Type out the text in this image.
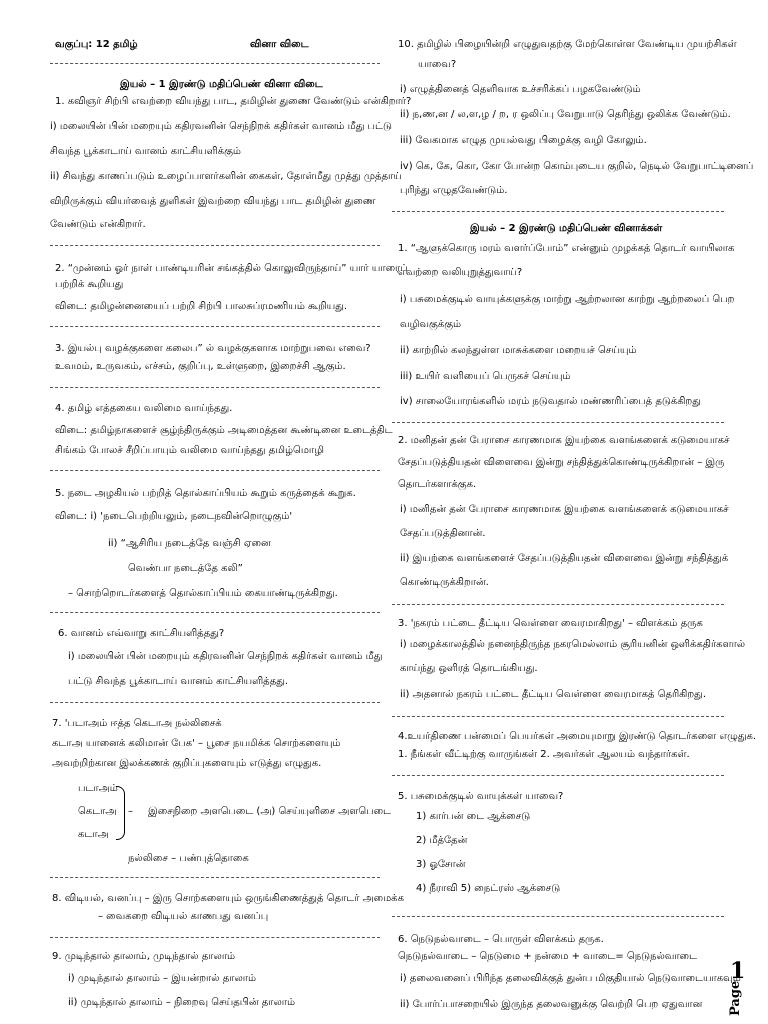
வகுப்பு: 12 தமிழ்	வினா விடை
இயல் – 1 இரண்டு மதிப்பெண் வினா விடை
1. கவிஞர் சிற்பி எவற்றை வியந்து பாட, தமிழின் துணை வேண்டும் என்கிறார்?
i) மலையின் பின் மறையும் கதிரவனின் செந்நிறக் கதிர்கள் வானம் மீது பட்டு
சிவந்த பூக்காடாய் வானம் காட்சியளிக்கும்
ii) சிவந்து காணப்படும் உழைப்பாளர்களின் கைகள், தோள்மீது முத்து முத்தாய்
விறிருக்கும் வியர்வைத் துளிகள் இவற்றை வியந்து பாட தமிழின் துணை
வேண்டும் என்கிறார்.
2. “முன்னம் ஓர் நாள் பாண்டியரின் சங்கத்தில் கொலுவிருந்தாய்” யார் யாரைப்
பற்றிக் கூறியது
விடை: தமிழன்னையைப் பற்றி சிற்பி பாலசுப்ரமணியம் கூறியது.
3. இயல்பு வழக்குகளை கலைப” ல் வழக்குகளாக மாற்றுபவை எவை?
உவமம், உருவகம், எச்சம், குறிப்பு, உள்ளுறை, இறைச்சி ஆகும்.
4. தமிழ் எத்தகைய வலிமை வாய்ந்தது.
விடை: தமிழ்நாகளைச் சூழ்ந்திருக்கும் அடிமைத்தன கூண்டினை உடைத்திட
சிங்கம் போலச் சீறிப்பாயும் வலிமை வாய்ந்தது தமிழ்மொழி
5. நடை அழகியல் பற்றித் தொல்காப்பியம் கூறும் கருத்தைக் கூறுக.
விடை: i) 'நடைபெற்றியலும், நடைநவின்றொழுகும்'
ii) “ஆசிரிய நடைத்தே வஞ்சி ஏனை
வெண்பா நடைத்தே கலி”
– சொற்றொடர்களைத் தொல்காப்பியம் கையாண்டிருக்கிறது.
6. வானம் எவ்வாறு காட்சியளித்தது?
i) மலையின் பின் மறையும் கதிரவனின் செந்நிறக் கதிர்கள் வானம் மீது
பட்டு சிவந்த பூக்காடாய் வானம் காட்சியளித்தது.
7. 'படாஅம் ஈத்த கெடாஅ நல்லிசைக்
கடாஅ யானைக் கலிமான் பேக' – பூசை நயமிக்க சொற்களையும்
அவற்றிற்கான இலக்கணக் குறிப்புகளையும் எடுத்து எழுதுக.
படாஅம்
கெடாஅ
கடாஅ
– இசைநிறை அளபெடை (அ) செய்யுளிசை அளபெடை
நல்லிசை – பண்புத்தொகை
8. விடியல், வனப்பு – இரு சொற்களையும் ஒருங்கிணைத்துத் தொடர் அமைக்க
– வைகறை விடியல் காணபது வனப்பு
9. முடிந்தால் தாலாம், முடிந்தால் தாலாம்
i) முடிந்தால் தாலாம் – இயன்றால் தாலாம்
ii) முடிந்தால் தாலாம் – நிறைவு செய்தபின் தாலாம்
10. தமிழில் பிழையின்றி எழுதுவதற்கு மேற்கொள்ள வேண்டிய முயற்சிகள்
யாவை?
i) எழுத்தினைத் தெளிவாக உச்சரிக்கப் பழகவேண்டும்
ii) ந,ண,ன / ல,ள,ழ / ற, ர ஒலிப்பு வேறுபாடு தெரிந்து ஒலிக்க வேண்டும்.
iii) வேகமாக எழுத முயல்வது பிழைக்கு வழி கோலும்.
iv) கெ, கே, கொ, கோ போன்ற கொம்புடைய குறில், நெடில் வேறுபாட்டினைப்
புரிந்து எழுதவேண்டும்.
இயல் – 2 இரண்டு மதிப்பெண் வினாக்கள்
1. “ஆளுக்கொரு மரம் வளர்ப்போம்” என்னும் முழக்கத் தொடர் வாயிலாக
எவற்றை வலியுறுத்துவாய்?
i) பசுமைக்குடில் வாயுக்களுக்கு மாற்று ஆற்றலான காற்று ஆற்றலைப் பெற
வழிவகுக்கும்
ii) காற்றில் கலந்துள்ள மாசுக்களை மறையச் செய்யும்
iii) உயிர் வளியைப் பெருகச் செய்யும்
iv) சாலையோரங்களில் மரம் நடுவதால் மண்ணரிப்பைத் தடுக்கிறது
2. மனிதன் தன் பேராசை காரணமாக இயற்கை வளங்களைக் கடுமையாகச்
சேதப்படுத்தியதன் விளைவை இன்று சந்தித்துக்கொண்டிருக்கிறான் – இரு
தொடர்களாக்குக.
i) மனிதன் தன் பேராசை காரணமாக இயற்கை வளங்களைக் கடுமையாகச்
சேதப்படுத்தினான்.
ii) இயற்கை வளங்களைச் சேதப்படுத்தியதன் விளைவை இன்று சந்தித்துக்
கொண்டிருக்கிறான்.
3. 'நகரம் பட்டை தீட்டிய வெள்ளை வைரமாகிறது' – விளக்கம் தருக
i) மழைக்காலத்தில் நனைந்திருந்த நகரமெல்லாம் சூரியனின் ஒளிக்கதிர்களால்
காய்ந்து ஒளிரத் தொடங்கியது.
ii) அதனால் நகரம் பட்டை தீட்டிய வெள்ளை வைரமாகத் தெரிகிறது.
4.உயர்திணை பன்மைப் பெயர்கள் அமையுமாறு இரண்டு தொடர்களை எழுதுக.
1. நீங்கள் வீட்டிற்கு வாருங்கள் 2. அவர்கள் ஆலயம் வந்தார்கள்.
5. பசுமைக்குடில் வாயுக்கள் யாவை?
1) கார்பன் டை ஆக்சைடு
2) மீத்தேன்
3) ஓசோன்
4) நீராவி 5) நைட்ரஸ் ஆக்சைடு
6. நெடுநல்வாடை – பொருள் விளக்கம் தருக.
நெடுநல்வாடை – நெடுமை + நன்மை + வாடை= நெடுநல்வாடை
i) தலைவனைப் பிரிந்த தலைவிக்குத் துன்ப மிகுதியால் நெடுவாடையாகவும்
ii) போர்ப்பாசறையில் இருந்த தலைவனுக்கு வெற்றி பெற ஏதுவான Page
1
